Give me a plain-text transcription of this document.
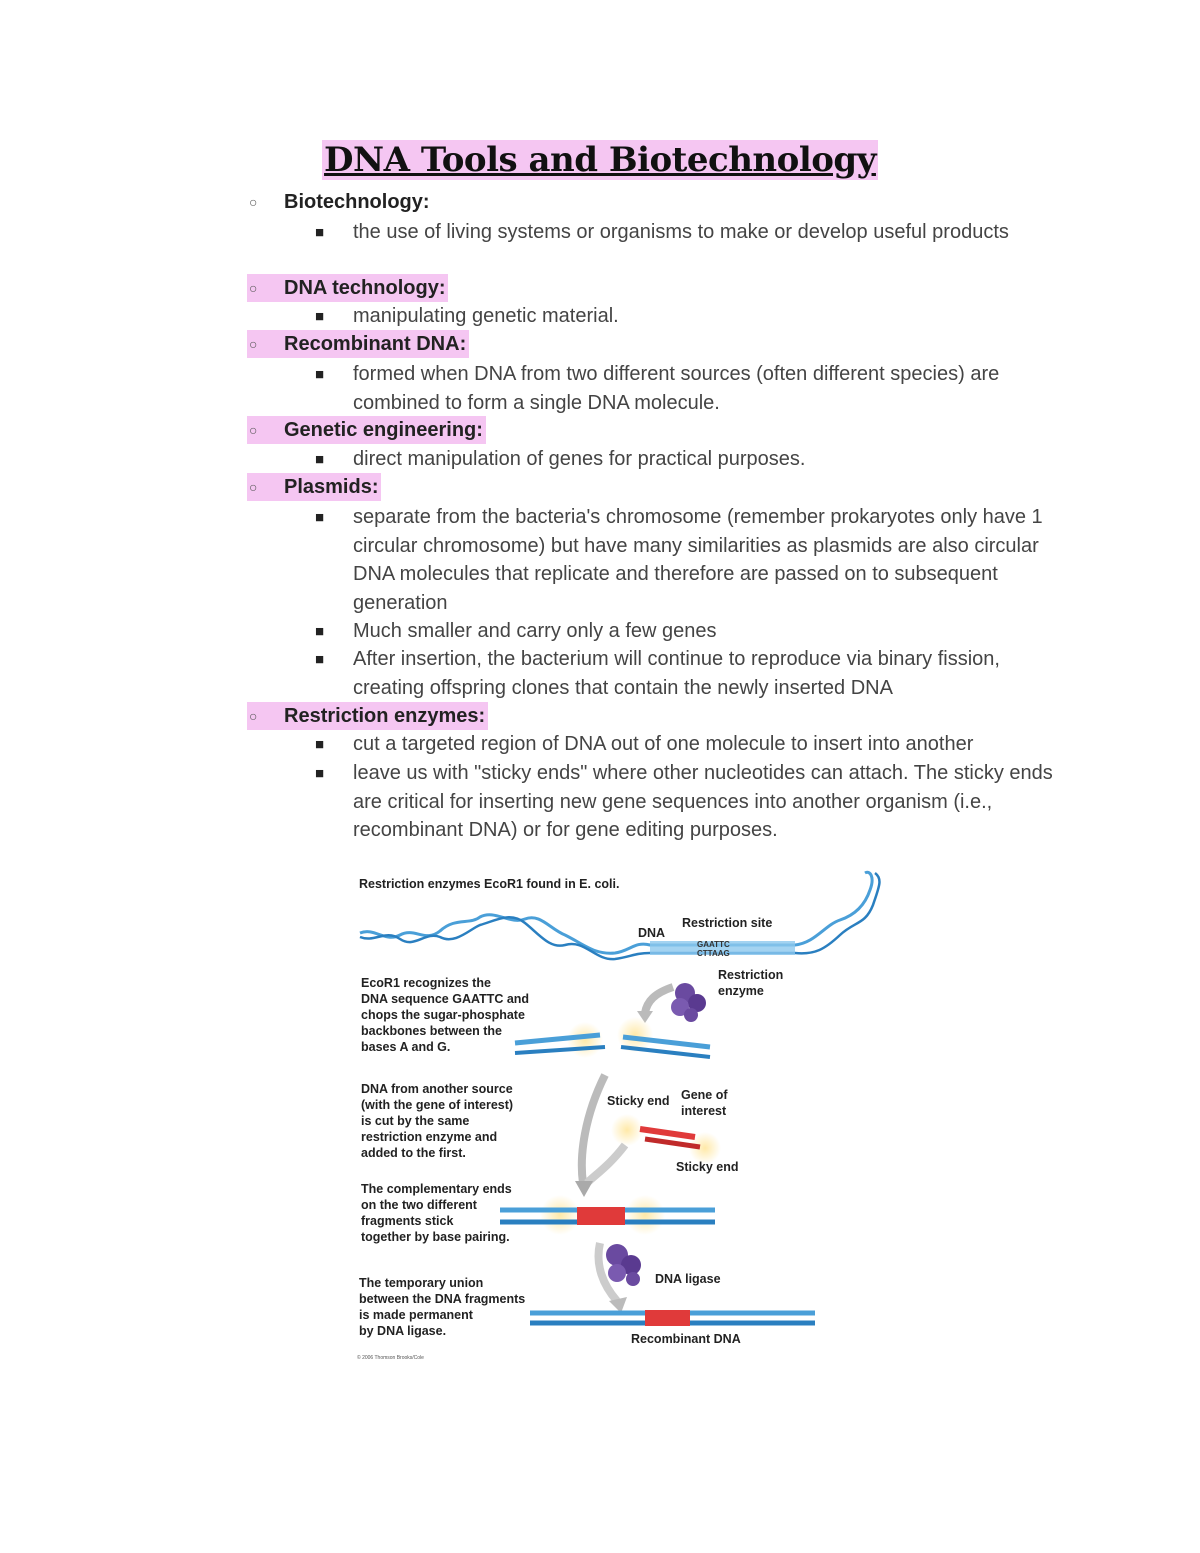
DNA Tools and Biotechnology
○	Biotechnology:
■	the use of living systems or organisms to make or develop useful products
○	DNA technology:
■	manipulating genetic material.
○	Recombinant DNA:
■	formed when DNA from two different sources (often different species) are combined to form a single DNA molecule.
○	Genetic engineering:
■	direct manipulation of genes for practical purposes.
○	Plasmids:
■	separate from the bacteria's chromosome (remember prokaryotes only have 1 circular chromosome) but have many similarities as plasmids are also circular DNA molecules that replicate and therefore are passed on to subsequent generation
■	Much smaller and carry only a few genes
■	After insertion, the bacterium will continue to reproduce via binary fission, creating offspring clones that contain the newly inserted DNA
○	Restriction enzymes:
■	cut a targeted region of DNA out of one molecule to insert into another
■	leave us with "sticky ends" where other nucleotides can attach. The sticky ends are critical for inserting new gene sequences into another organism (i.e., recombinant DNA) or for gene editing purposes.
Restriction enzymes EcoR1 found in E. coli.
DNA
Restriction site
GAATTC
CTTAAG
Restriction
enzyme
EcoR1 recognizes the
DNA sequence GAATTC and
chops the sugar-phosphate
backbones between the
bases A and G.
DNA from another source
(with the gene of interest)
is cut by the same
restriction enzyme and
added to the first.
Sticky end Gene of
interest
Sticky end
The complementary ends
on the two different
fragments stick
together by base pairing.
DNA ligase
The temporary union
between the DNA fragments
is made permanent
by DNA ligase.
Recombinant DNA
© 2006 Thomson Brooks/Cole
